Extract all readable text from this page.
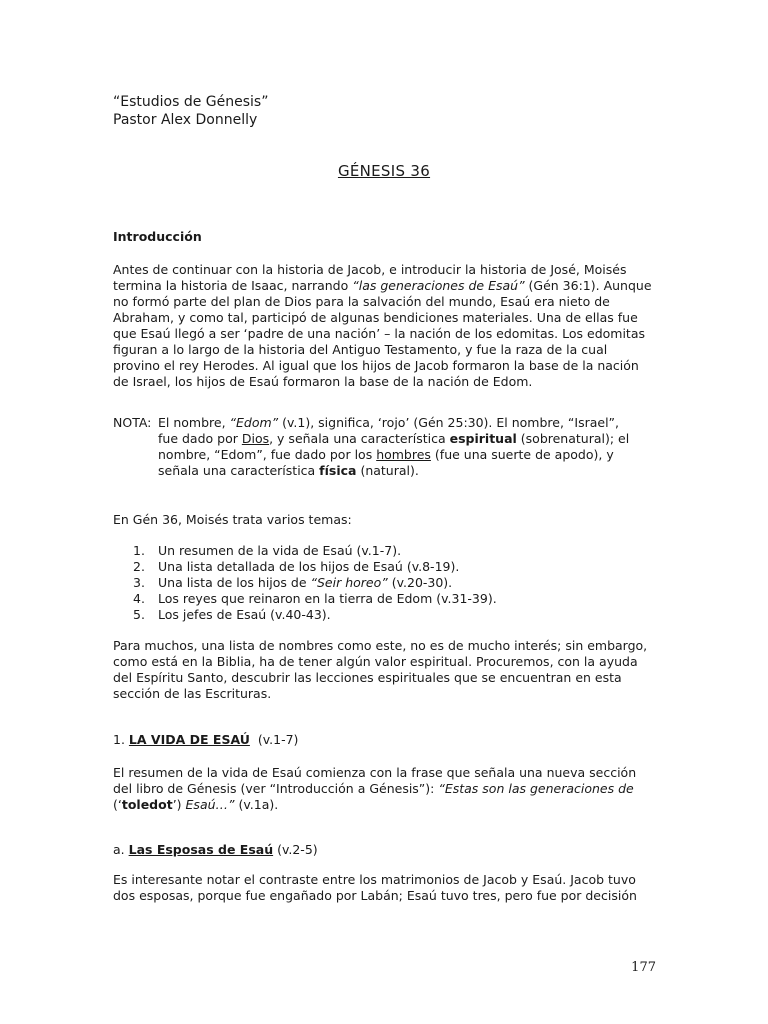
“Estudios de Génesis”
Pastor Alex Donnelly
GÉNESIS 36
Introducción

Antes de continuar con la historia de Jacob, e introducir la historia de José, Moisés termina la historia de Isaac, narrando “las generaciones de Esaú” (Gén 36:1). Aunque no formó parte del plan de Dios para la salvación del mundo, Esaú era nieto de Abraham, y como tal, participó de algunas bendiciones materiales. Una de ellas fue que Esaú llegó a ser ‘padre de una nación’ – la nación de los edomitas. Los edomitas figuran a lo largo de la historia del Antiguo Testamento, y fue la raza de la cual provino el rey Herodes. Al igual que los hijos de Jacob formaron la base de la nación de Israel, los hijos de Esaú formaron la base de la nación de Edom.

NOTA: El nombre, “Edom” (v.1), significa, ‘rojo’ (Gén 25:30). El nombre, “Israel”,
fue dado por Dios, y señala una característica espiritual (sobrenatural); el nombre, “Edom”, fue dado por los hombres (fue una suerte de apodo), y señala una característica física (natural).
En Gén 36, Moisés trata varios temas:
1. Un resumen de la vida de Esaú (v.1-7).
2. Una lista detallada de los hijos de Esaú (v.8-19).
3. Una lista de los hijos de “Seir horeo” (v.20-30).
4. Los reyes que reinaron en la tierra de Edom (v.31-39).
5. Los jefes de Esaú (v.40-43).

Para muchos, una lista de nombres como este, no es de mucho interés; sin embargo, como está en la Biblia, ha de tener algún valor espiritual. Procuremos, con la ayuda del Espíritu Santo, descubrir las lecciones espirituales que se encuentran en esta sección de las Escrituras.

1. LA VIDA DE ESAÚ (v.1-7)

El resumen de la vida de Esaú comienza con la frase que señala una nueva sección del libro de Génesis (ver “Introducción a Génesis”): “Estas son las generaciones de (‘toledot’) Esaú…” (v.1a).

a. Las Esposas de Esaú (v.2-5)

Es interesante notar el contraste entre los matrimonios de Jacob y Esaú. Jacob tuvo dos esposas, porque fue engañado por Labán; Esaú tuvo tres, pero fue por decisión

177
